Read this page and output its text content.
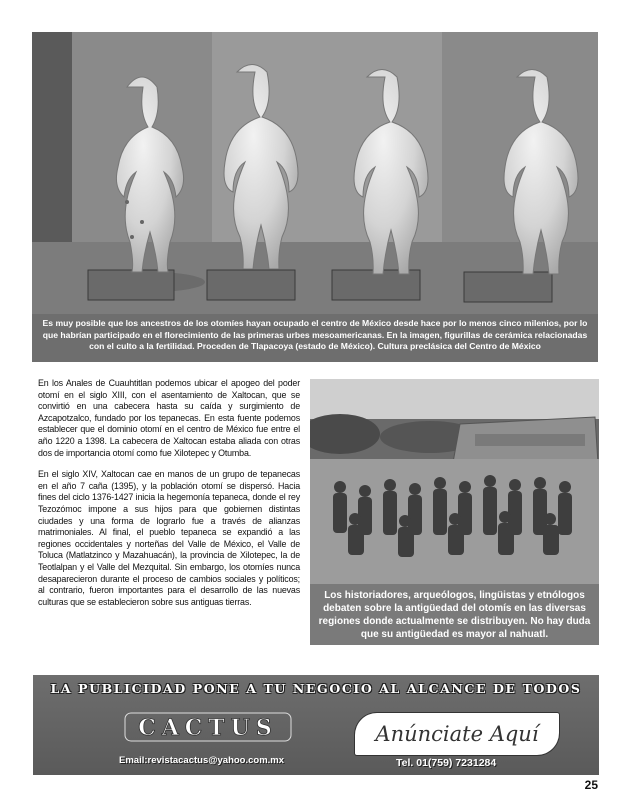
Es muy posible que los ancestros de los otomíes hayan ocupado el centro de México desde hace por lo menos cinco milenios, por lo que habrían participado en el florecimiento de las primeras urbes mesoamericanas. En la imagen, figurillas de cerámica relacionadas con el culto a la fertilidad. Proceden de Tlapacoya (estado de México). Cultura preclásica del Centro de México

En los Anales de Cuauhtitlan podemos ubicar el apogeo del poder otomí en el siglo XIII, con el asentamiento de Xaltocan, que se convirtió en una cabecera hasta su caída y surgimiento de Azcapotzalco, fundado por los tepanecas. En esta fuente podemos establecer que el dominio otomí en el centro de México fue entre el año 1220 a 1398. La cabecera de Xaltocan estaba aliada con otras dos de importancia otomí como fue Xilotepec y Otumba.

En el siglo XIV, Xaltocan cae en manos de un grupo de tepanecas en el año 7 caña (1395), y la población otomí se dispersó. Hacia fines del ciclo 1376-1427 inicia la hegemonía tepaneca, donde el rey Tezozómoc impone a sus hijos para que gobiernen distintas ciudades y una forma de lograrlo fue a través de alianzas matrimoniales. Al final, el pueblo tepaneca se expandió a las regiones occidentales y norteñas del Valle de México, el Valle de Toluca (Matlatzinco y Mazahuacán), la provincia de Xilotepec, la de Teotlalpan y el Valle del Mezquital. Sin embargo, los otomíes nunca desaparecieron durante el proceso de cambios sociales y políticos; al contrario, fueron importantes para el desarrollo de las nuevas culturas que se establecieron sobre sus antiguas tierras.

Los historiadores, arqueólogos, lingüistas y etnólogos debaten sobre la antigüedad del otomís en las diversas regiones donde actualmente se distribuyen. No hay duda que su antigüedad es mayor al nahuatl.
LA PUBLICIDAD PONE A TU NEGOCIO AL ALCANCE DE TODOS
CACTUS
Email:revistacactus@yahoo.com.mx
Anúnciate Aquí
Tel. 01(759) 7231284
25
